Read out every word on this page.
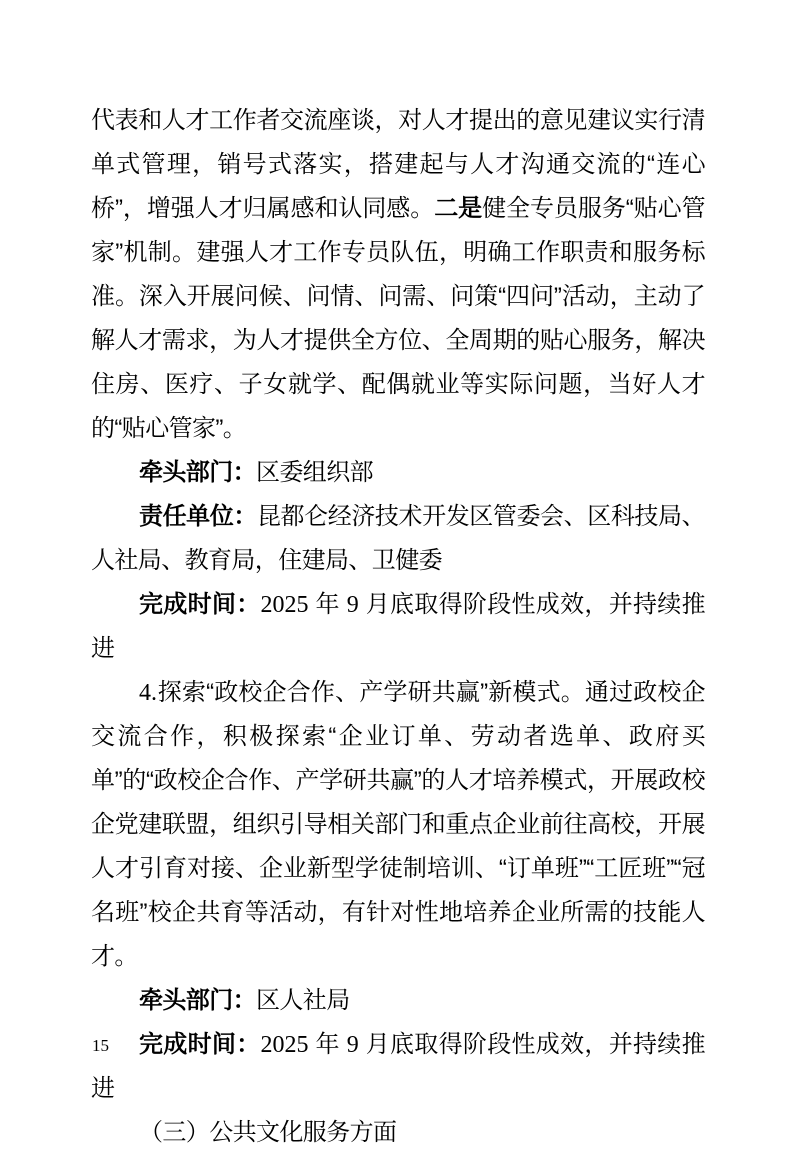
代表和人才工作者交流座谈，对人才提出的意见建议实行清单式管理，销号式落实，搭建起与人才沟通交流的“连心桥”，增强人才归属感和认同感。二是健全专员服务“贴心管家”机制。建强人才工作专员队伍，明确工作职责和服务标准。深入开展问候、问情、问需、问策“四问”活动，主动了解人才需求，为人才提供全方位、全周期的贴心服务，解决住房、医疗、子女就学、配偶就业等实际问题，当好人才的“贴心管家”。

牵头部门：区委组织部

责任单位：昆都仑经济技术开发区管委会、区科技局、人社局、教育局，住建局、卫健委

完成时间：2025 年 9 月底取得阶段性成效，并持续推进

4.探索“政校企合作、产学研共赢”新模式。通过政校企交流合作，积极探索“企业订单、劳动者选单、政府买单”的“政校企合作、产学研共赢”的人才培养模式，开展政校企党建联盟，组织引导相关部门和重点企业前往高校，开展人才引育对接、企业新型学徒制培训、“订单班”“工匠班”“冠名班”校企共育等活动，有针对性地培养企业所需的技能人才。

牵头部门：区人社局

完成时间：2025 年 9 月底取得阶段性成效，并持续推进

（三）公共文化服务方面

15
